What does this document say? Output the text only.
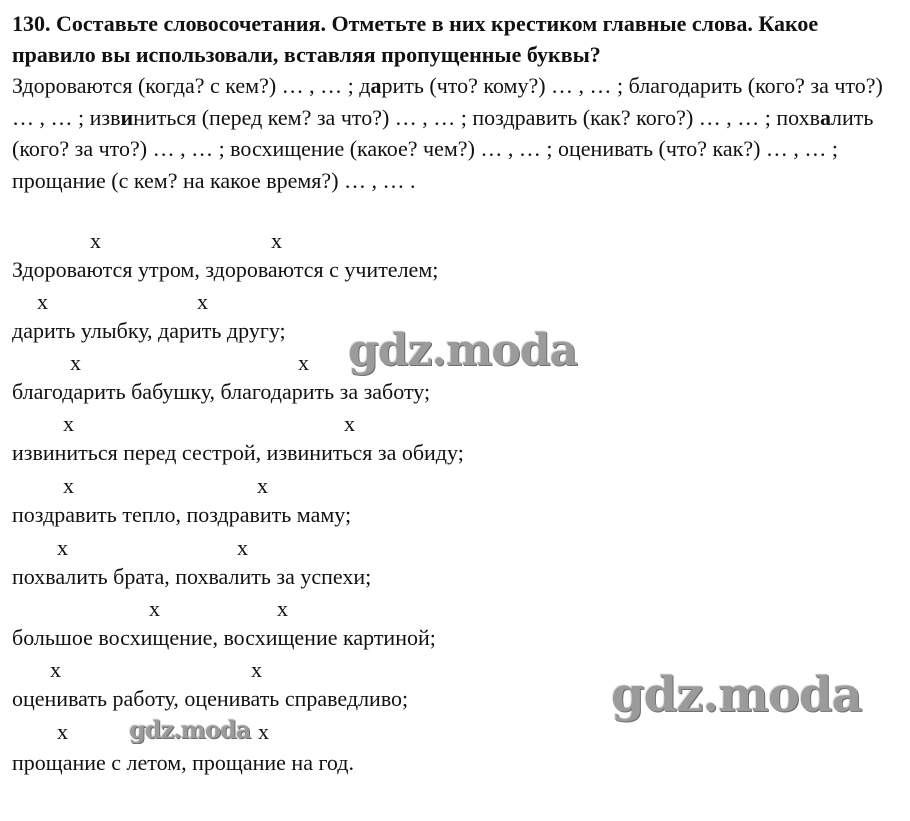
130. Составьте словосочетания. Отметьте в них крестиком главные слова. Какое правило вы использовали, вставляя пропущенные буквы?
Здороваются (когда? с кем?) … , … ; дарить (что? кому?) … , … ; благодарить (кого? за что?) … , … ; извиниться (перед кем? за что?) … , … ; поздравить (как? кого?) … , … ; похвалить (кого? за что?) … , … ; восхищение (какое? чем?) … , … ; оценивать (что? как?) … , … ; прощание (с кем? на какое время?) … , … .
x	x
Здороваются утром, здороваются с учителем;
x	x
дарить улыбку, дарить другу;
x	x
благодарить бабушку, благодарить за заботу;
x	x
извиниться перед сестрой, извиниться за обиду;
x	x
поздравить тепло, поздравить маму;
x	x
похвалить брата, похвалить за успехи;
x	x
большое восхищение, восхищение картиной;
x	x
оценивать работу, оценивать справедливо;
x	x
прощание с летом, прощание на год.
gdz.moda
gdz.moda
gdz.moda
